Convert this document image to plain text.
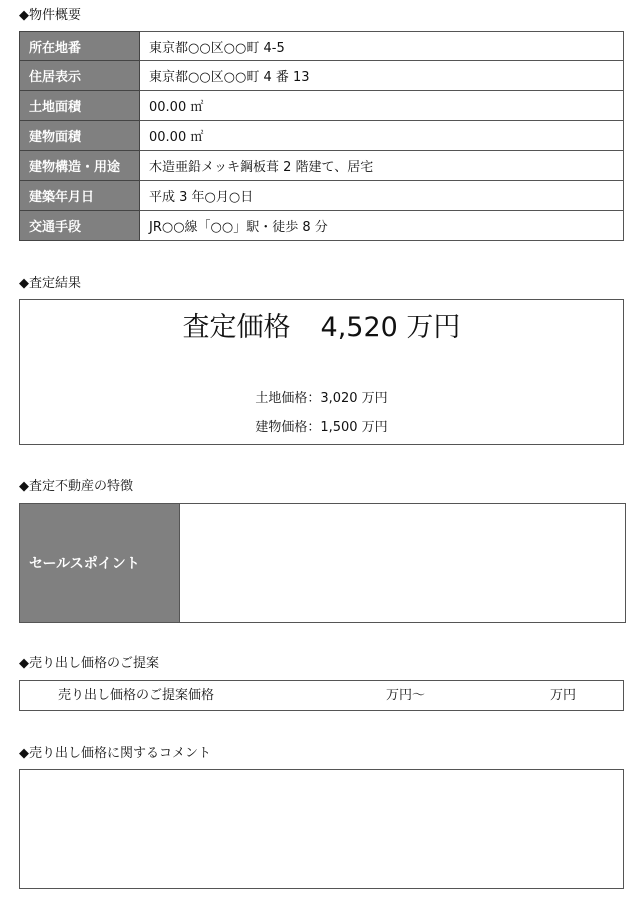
◆物件概要
所在地番	東京都○○区○○町 4-5
住居表示	東京都○○区○○町 4 番 13
土地面積	00.00 ㎡
建物面積	00.00 ㎡
建物構造・用途	木造亜鉛メッキ鋼板葺 2 階建て、居宅
建築年月日	平成 3 年○月○日
交通手段	JR○○線「○○」駅・徒歩 8 分
◆査定結果
査定価格 4,520 万円
土地価格：3,020 万円
建物価格：1,500 万円
◆査定不動産の特徴
セールスポイント
◆売り出し価格のご提案
売り出し価格のご提案価格	万円～	万円
◆売り出し価格に関するコメント
